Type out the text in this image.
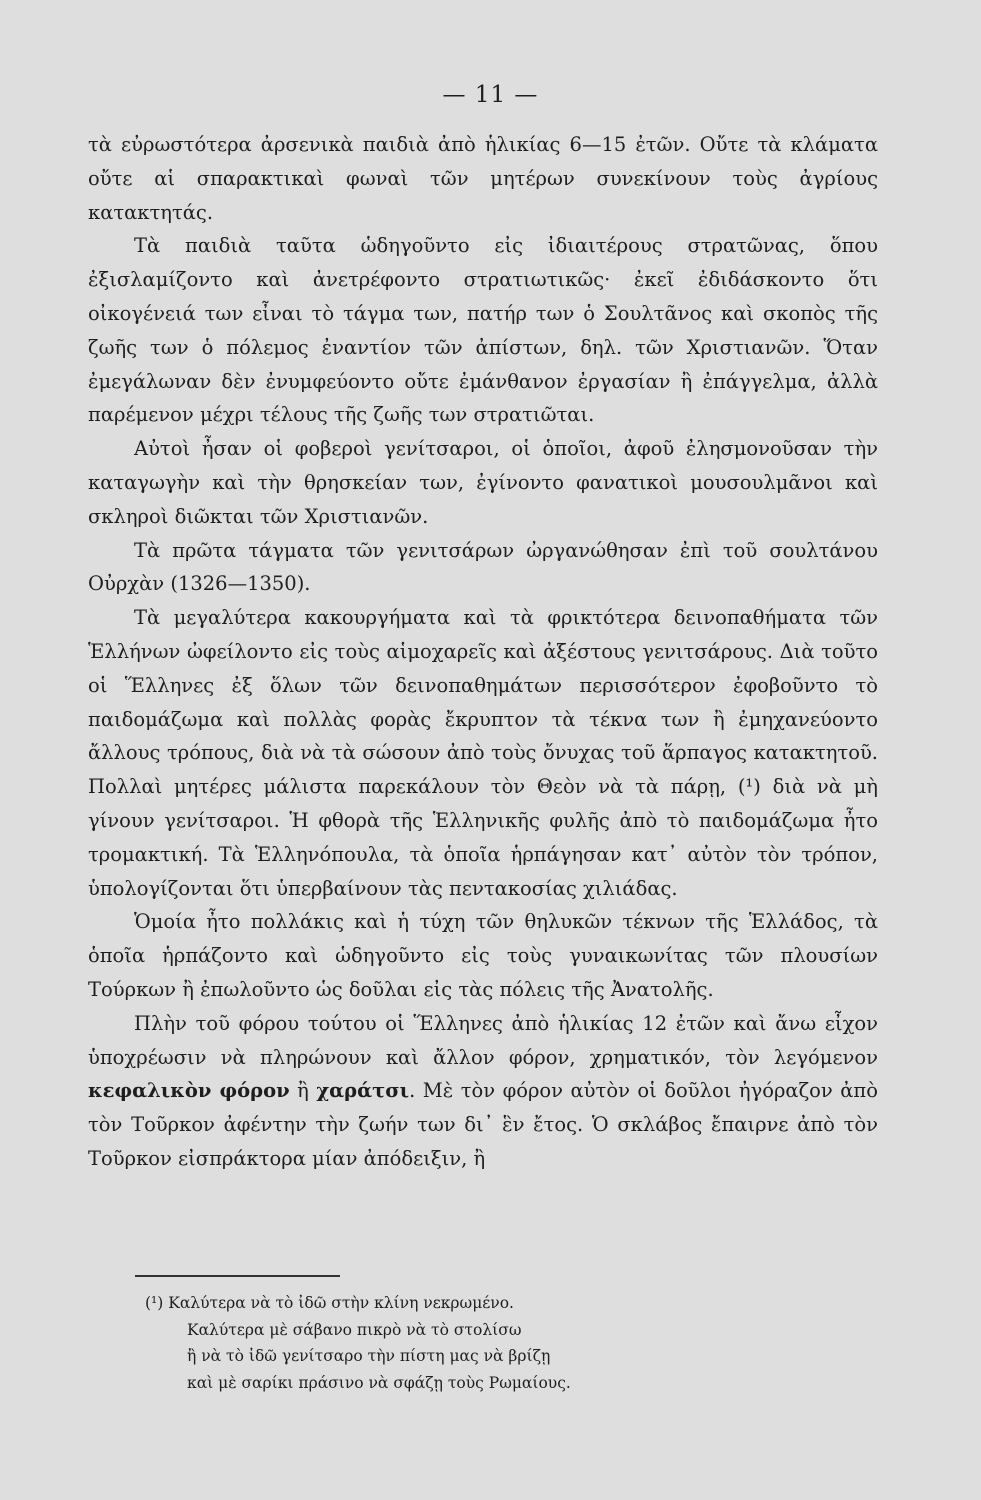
— 11 —

τὰ εὐρωστότερα ἀρσενικὰ παιδιὰ ἀπὸ ἡλικίας 6—15 ἐτῶν. Οὔτε τὰ κλάματα οὔτε αἱ σπαρακτικαὶ φωναὶ τῶν μητέρων συνεκίνουν τοὺς ἀγρίους κατακτητάς.

Τὰ παιδιὰ ταῦτα ὡδηγοῦντο εἰς ἰδιαιτέρους στρατῶνας, ὅπου ἐξισλαμίζοντο καὶ ἀνετρέφοντο στρατιωτικῶς· ἐκεῖ ἐδιδάσκοντο ὅτι οἰκογένειά των εἶναι τὸ τάγμα των, πατήρ των ὁ Σουλτᾶνος καὶ σκοπὸς τῆς ζωῆς των ὁ πόλεμος ἐναντίον τῶν ἀπίστων, δηλ. τῶν Χριστιανῶν. Ὅταν ἐμεγάλωναν δὲν ἐνυμφεύοντο οὔτε ἐμάνθανον ἐργασίαν ἢ ἐπάγγελμα, ἀλλὰ παρέμενον μέχρι τέλους τῆς ζωῆς των στρατιῶται.

Αὐτοὶ ἦσαν οἱ φοβεροὶ γενίτσαροι, οἱ ὁποῖοι, ἀφοῦ ἐλησμονοῦσαν τὴν καταγωγὴν καὶ τὴν θρησκείαν των, ἐγίνοντο φανατικοὶ μουσουλμᾶνοι καὶ σκληροὶ διῶκται τῶν Χριστιανῶν.

Τὰ πρῶτα τάγματα τῶν γενιτσάρων ὠργανώθησαν ἐπὶ τοῦ σουλτάνου Οὐρχὰν (1326—1350).

Τὰ μεγαλύτερα κακουργήματα καὶ τὰ φρικτότερα δεινοπαθήματα τῶν Ἑλλήνων ὠφείλοντο εἰς τοὺς αἱμοχαρεῖς καὶ ἀξέστους γενιτσάρους. Διὰ τοῦτο οἱ Ἕλληνες ἐξ ὅλων τῶν δεινοπαθημάτων περισσότερον ἐφοβοῦντο τὸ παιδομάζωμα καὶ πολλὰς φορὰς ἔκρυπτον τὰ τέκνα των ἢ ἐμηχανεύοντο ἄλλους τρόπους, διὰ νὰ τὰ σώσουν ἀπὸ τοὺς ὄνυχας τοῦ ἅρπαγος κατακτητοῦ. Πολλαὶ μητέρες μάλιστα παρεκάλουν τὸν Θεὸν νὰ τὰ πάρῃ, (¹) διὰ νὰ μὴ γίνουν γενίτσαροι. Ἡ φθορὰ τῆς Ἑλληνικῆς φυλῆς ἀπὸ τὸ παιδομάζωμα ἦτο τρομακτική. Τὰ Ἑλληνόπουλα, τὰ ὁποῖα ἡρπάγησαν κατ᾽ αὐτὸν τὸν τρόπον, ὑπολογίζονται ὅτι ὑπερβαίνουν τὰς πεντακοσίας χιλιάδας.

Ὁμοία ἦτο πολλάκις καὶ ἡ τύχη τῶν θηλυκῶν τέκνων τῆς Ἑλλάδος, τὰ ὁποῖα ἡρπάζοντο καὶ ὡδηγοῦντο εἰς τοὺς γυναικωνίτας τῶν πλουσίων Τούρκων ἢ ἐπωλοῦντο ὡς δοῦλαι εἰς τὰς πόλεις τῆς Ἀνατολῆς.

Πλὴν τοῦ φόρου τούτου οἱ Ἕλληνες ἀπὸ ἡλικίας 12 ἐτῶν καὶ ἄνω εἶχον ὑποχρέωσιν νὰ πληρώνουν καὶ ἄλλον φόρον, χρηματικόν, τὸν λεγόμενον κεφαλικὸν φόρον ἢ χαράτσι. Μὲ τὸν φόρον αὐτὸν οἱ δοῦλοι ἠγόραζον ἀπὸ τὸν Τοῦρκον ἀφέντην τὴν ζωήν των δι᾽ ἓν ἔτος. Ὁ σκλάβος ἔπαιρνε ἀπὸ τὸν Τοῦρκον εἰσπράκτορα μίαν ἀπόδειξιν, ἢ

(¹) Καλύτερα νὰ τὸ ἰδῶ στὴν κλίνη νεκρωμένο.
Καλύτερα μὲ σάβανο πικρὸ νὰ τὸ στολίσω
ἢ νὰ τὸ ἰδῶ γενίτσαρο τὴν πίστη μας νὰ βρίζῃ
καὶ μὲ σαρίκι πράσινο νὰ σφάζῃ τοὺς Ρωμαίους.
